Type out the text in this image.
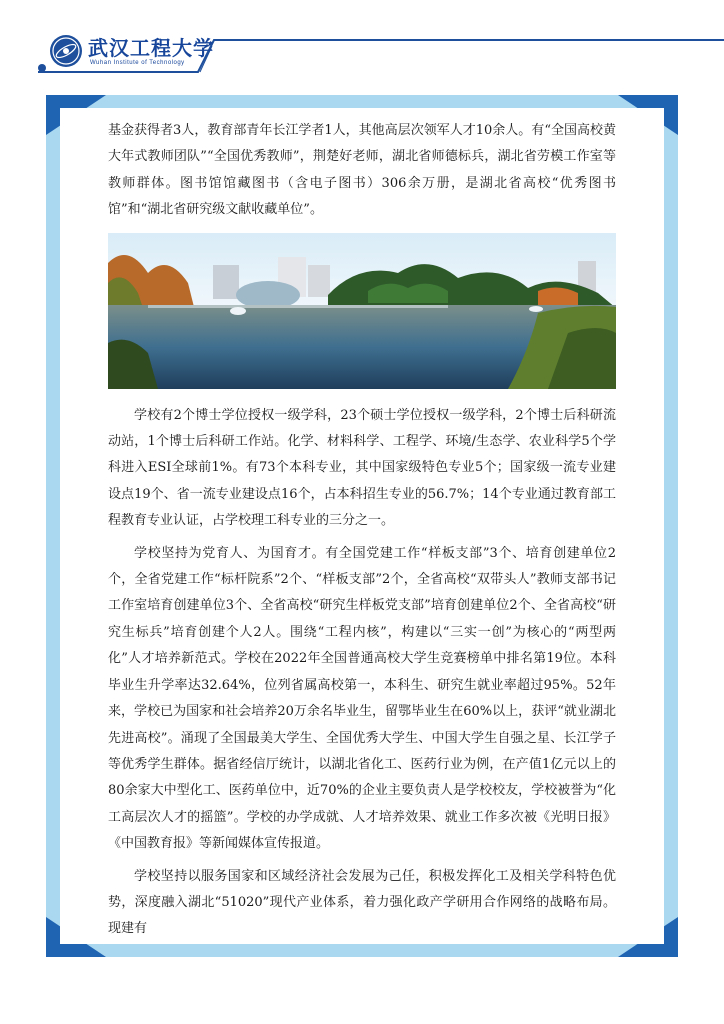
武汉工程大学
Wuhan Institute of Technology

基金获得者3人，教育部青年长江学者1人，其他高层次领军人才10余人。有“全国高校黄大年式教师团队”“全国优秀教师”，荆楚好老师，湖北省师德标兵，湖北省劳模工作室等教师群体。图书馆馆藏图书（含电子图书）306余万册，是湖北省高校“优秀图书馆”和“湖北省研究级文献收藏单位”。

学校有2个博士学位授权一级学科，23个硕士学位授权一级学科，2个博士后科研流动站，1个博士后科研工作站。化学、材料科学、工程学、环境/生态学、农业科学5个学科进入ESI全球前1%。有73个本科专业，其中国家级特色专业5个；国家级一流专业建设点19个、省一流专业建设点16个，占本科招生专业的56.7%；14个专业通过教育部工程教育专业认证，占学校理工科专业的三分之一。

学校坚持为党育人、为国育才。有全国党建工作“样板支部”3个、培育创建单位2个，全省党建工作“标杆院系”2个、“样板支部”2个，全省高校“双带头人”教师支部书记工作室培育创建单位3个、全省高校“研究生样板党支部”培育创建单位2个、全省高校“研究生标兵”培育创建个人2人。围绕“工程内核”，构建以“三实一创”为核心的“两型两化”人才培养新范式。学校在2022年全国普通高校大学生竞赛榜单中排名第19位。本科毕业生升学率达32.64%，位列省属高校第一，本科生、研究生就业率超过95%。52年来，学校已为国家和社会培养20万余名毕业生，留鄂毕业生在60%以上，获评“就业湖北先进高校”。涌现了全国最美大学生、全国优秀大学生、中国大学生自强之星、长江学子等优秀学生群体。据省经信厅统计，以湖北省化工、医药行业为例，在产值1亿元以上的80余家大中型化工、医药单位中，近70%的企业主要负责人是学校校友，学校被誉为“化工高层次人才的摇篮”。学校的办学成就、人才培养效果、就业工作多次被《光明日报》《中国教育报》等新闻媒体宣传报道。

学校坚持以服务国家和区域经济社会发展为己任，积极发挥化工及相关学科特色优势，深度融入湖北“51020”现代产业体系，着力强化政产学研用合作网络的战略布局。现建有
